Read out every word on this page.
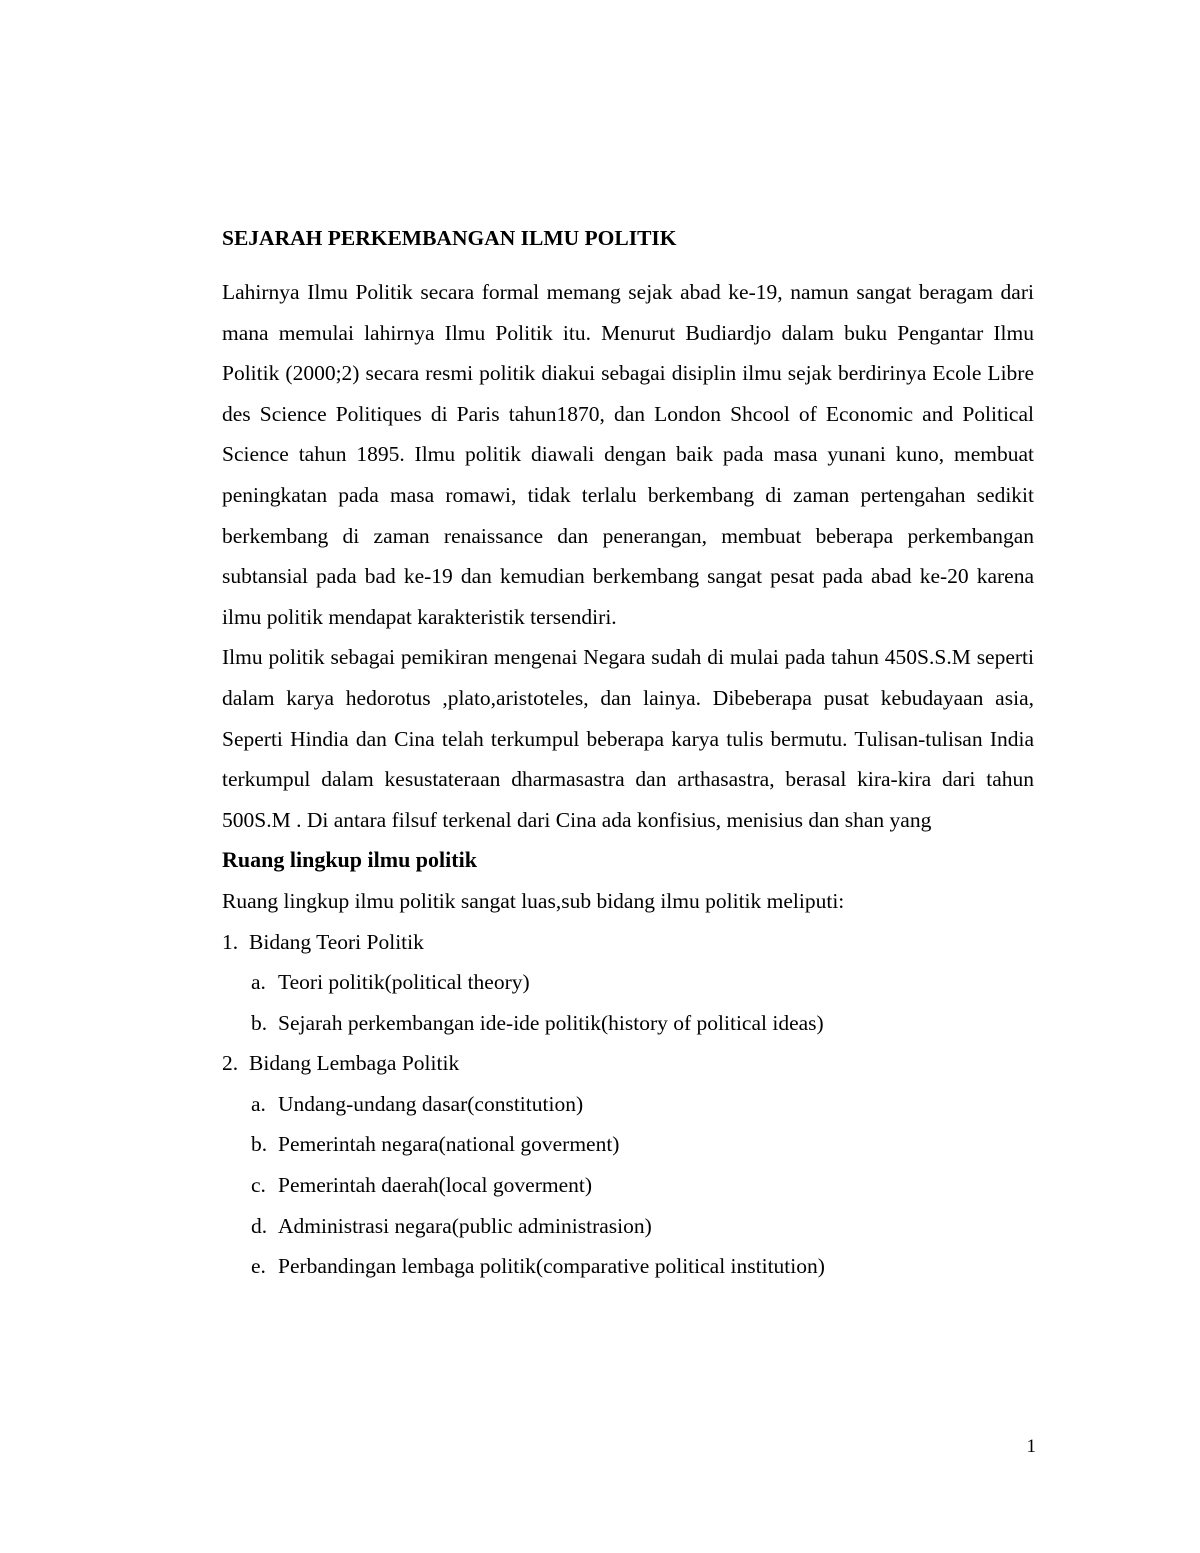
SEJARAH PERKEMBANGAN ILMU POLITIK

Lahirnya Ilmu Politik secara formal memang sejak abad ke-19, namun sangat beragam dari mana memulai lahirnya Ilmu Politik itu. Menurut Budiardjo dalam buku Pengantar Ilmu Politik (2000;2) secara resmi politik diakui sebagai disiplin ilmu sejak berdirinya Ecole Libre des Science Politiques di Paris tahun1870, dan London Shcool of Economic and Political Science tahun 1895. Ilmu politik diawali dengan baik pada masa yunani kuno, membuat peningkatan pada masa romawi, tidak terlalu berkembang di zaman pertengahan sedikit berkembang di zaman renaissance dan penerangan, membuat beberapa perkembangan subtansial pada bad ke-19 dan kemudian berkembang sangat pesat pada abad ke-20 karena ilmu politik mendapat karakteristik tersendiri.

Ilmu politik sebagai pemikiran mengenai Negara sudah di mulai pada tahun 450S.S.M seperti dalam karya hedorotus ,plato,aristoteles, dan lainya. Dibeberapa pusat kebudayaan asia, Seperti Hindia dan Cina telah terkumpul beberapa karya tulis bermutu. Tulisan-tulisan India terkumpul dalam kesustateraan dharmasastra dan arthasastra, berasal kira-kira dari tahun 500S.M . Di antara filsuf terkenal dari Cina ada konfisius, menisius dan shan yang

Ruang lingkup ilmu politik

Ruang lingkup ilmu politik sangat luas,sub bidang ilmu politik meliputi:

1. Bidang Teori Politik
a. Teori politik(political theory)
b. Sejarah perkembangan ide-ide politik(history of political ideas)
2. Bidang Lembaga Politik
a. Undang-undang dasar(constitution)
b. Pemerintah negara(national goverment)
c. Pemerintah daerah(local goverment)
d. Administrasi negara(public administrasion)
e. Perbandingan lembaga politik(comparative political institution)
1
